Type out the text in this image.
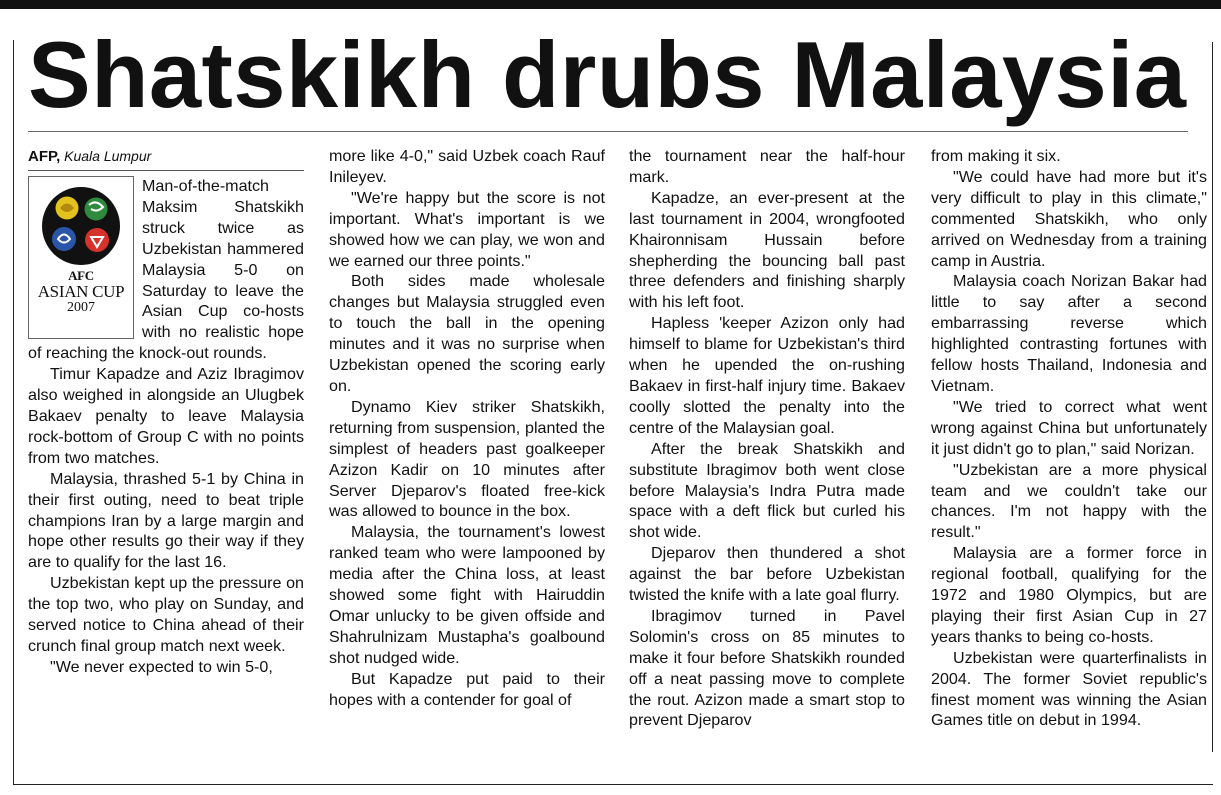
Shatskikh drubs Malaysia
AFP, Kuala Lumpur
AFC
ASIAN CUP
2007

Man-of-the-match Maksim Shatskikh struck twice as Uzbekistan hammered Malaysia 5-0 on Saturday to leave the Asian Cup co-hosts with no realistic hope of reaching the knock-out rounds.

Timur Kapadze and Aziz Ibragimov also weighed in alongside an Ulugbek Bakaev penalty to leave Malaysia rock-bottom of Group C with no points from two matches.

Malaysia, thrashed 5-1 by China in their first outing, need to beat triple champions Iran by a large margin and hope other results go their way if they are to qualify for the last 16.

Uzbekistan kept up the pressure on the top two, who play on Sunday, and served notice to China ahead of their crunch final group match next week.

"We never expected to win 5-0,

more like 4-0," said Uzbek coach Rauf Inileyev.

"We're happy but the score is not important. What's important is we showed how we can play, we won and we earned our three points."

Both sides made wholesale changes but Malaysia struggled even to touch the ball in the opening minutes and it was no surprise when Uzbekistan opened the scoring early on.

Dynamo Kiev striker Shatskikh, returning from suspension, planted the simplest of headers past goalkeeper Azizon Kadir on 10 minutes after Server Djeparov's floated free-kick was allowed to bounce in the box.

Malaysia, the tournament's lowest ranked team who were lampooned by media after the China loss, at least showed some fight with Hairuddin Omar unlucky to be given offside and Shahrulnizam Mustapha's goalbound shot nudged wide.

But Kapadze put paid to their hopes with a contender for goal of

the tournament near the half-hour mark.

Kapadze, an ever-present at the last tournament in 2004, wrongfooted Khaironnisam Hussain before shepherding the bouncing ball past three defenders and finishing sharply with his left foot.

Hapless 'keeper Azizon only had himself to blame for Uzbekistan's third when he upended the on-rushing Bakaev in first-half injury time. Bakaev coolly slotted the penalty into the centre of the Malaysian goal.

After the break Shatskikh and substitute Ibragimov both went close before Malaysia's Indra Putra made space with a deft flick but curled his shot wide.

Djeparov then thundered a shot against the bar before Uzbekistan twisted the knife with a late goal flurry.

Ibragimov turned in Pavel Solomin's cross on 85 minutes to make it four before Shatskikh rounded off a neat passing move to complete the rout. Azizon made a smart stop to prevent Djeparov

from making it six.

"We could have had more but it's very difficult to play in this climate," commented Shatskikh, who only arrived on Wednesday from a training camp in Austria.

Malaysia coach Norizan Bakar had little to say after a second embarrassing reverse which highlighted contrasting fortunes with fellow hosts Thailand, Indonesia and Vietnam.

"We tried to correct what went wrong against China but unfortunately it just didn't go to plan," said Norizan.

"Uzbekistan are a more physical team and we couldn't take our chances. I'm not happy with the result."

Malaysia are a former force in regional football, qualifying for the 1972 and 1980 Olympics, but are playing their first Asian Cup in 27 years thanks to being co-hosts.

Uzbekistan were quarterfinalists in 2004. The former Soviet republic's finest moment was winning the Asian Games title on debut in 1994.
